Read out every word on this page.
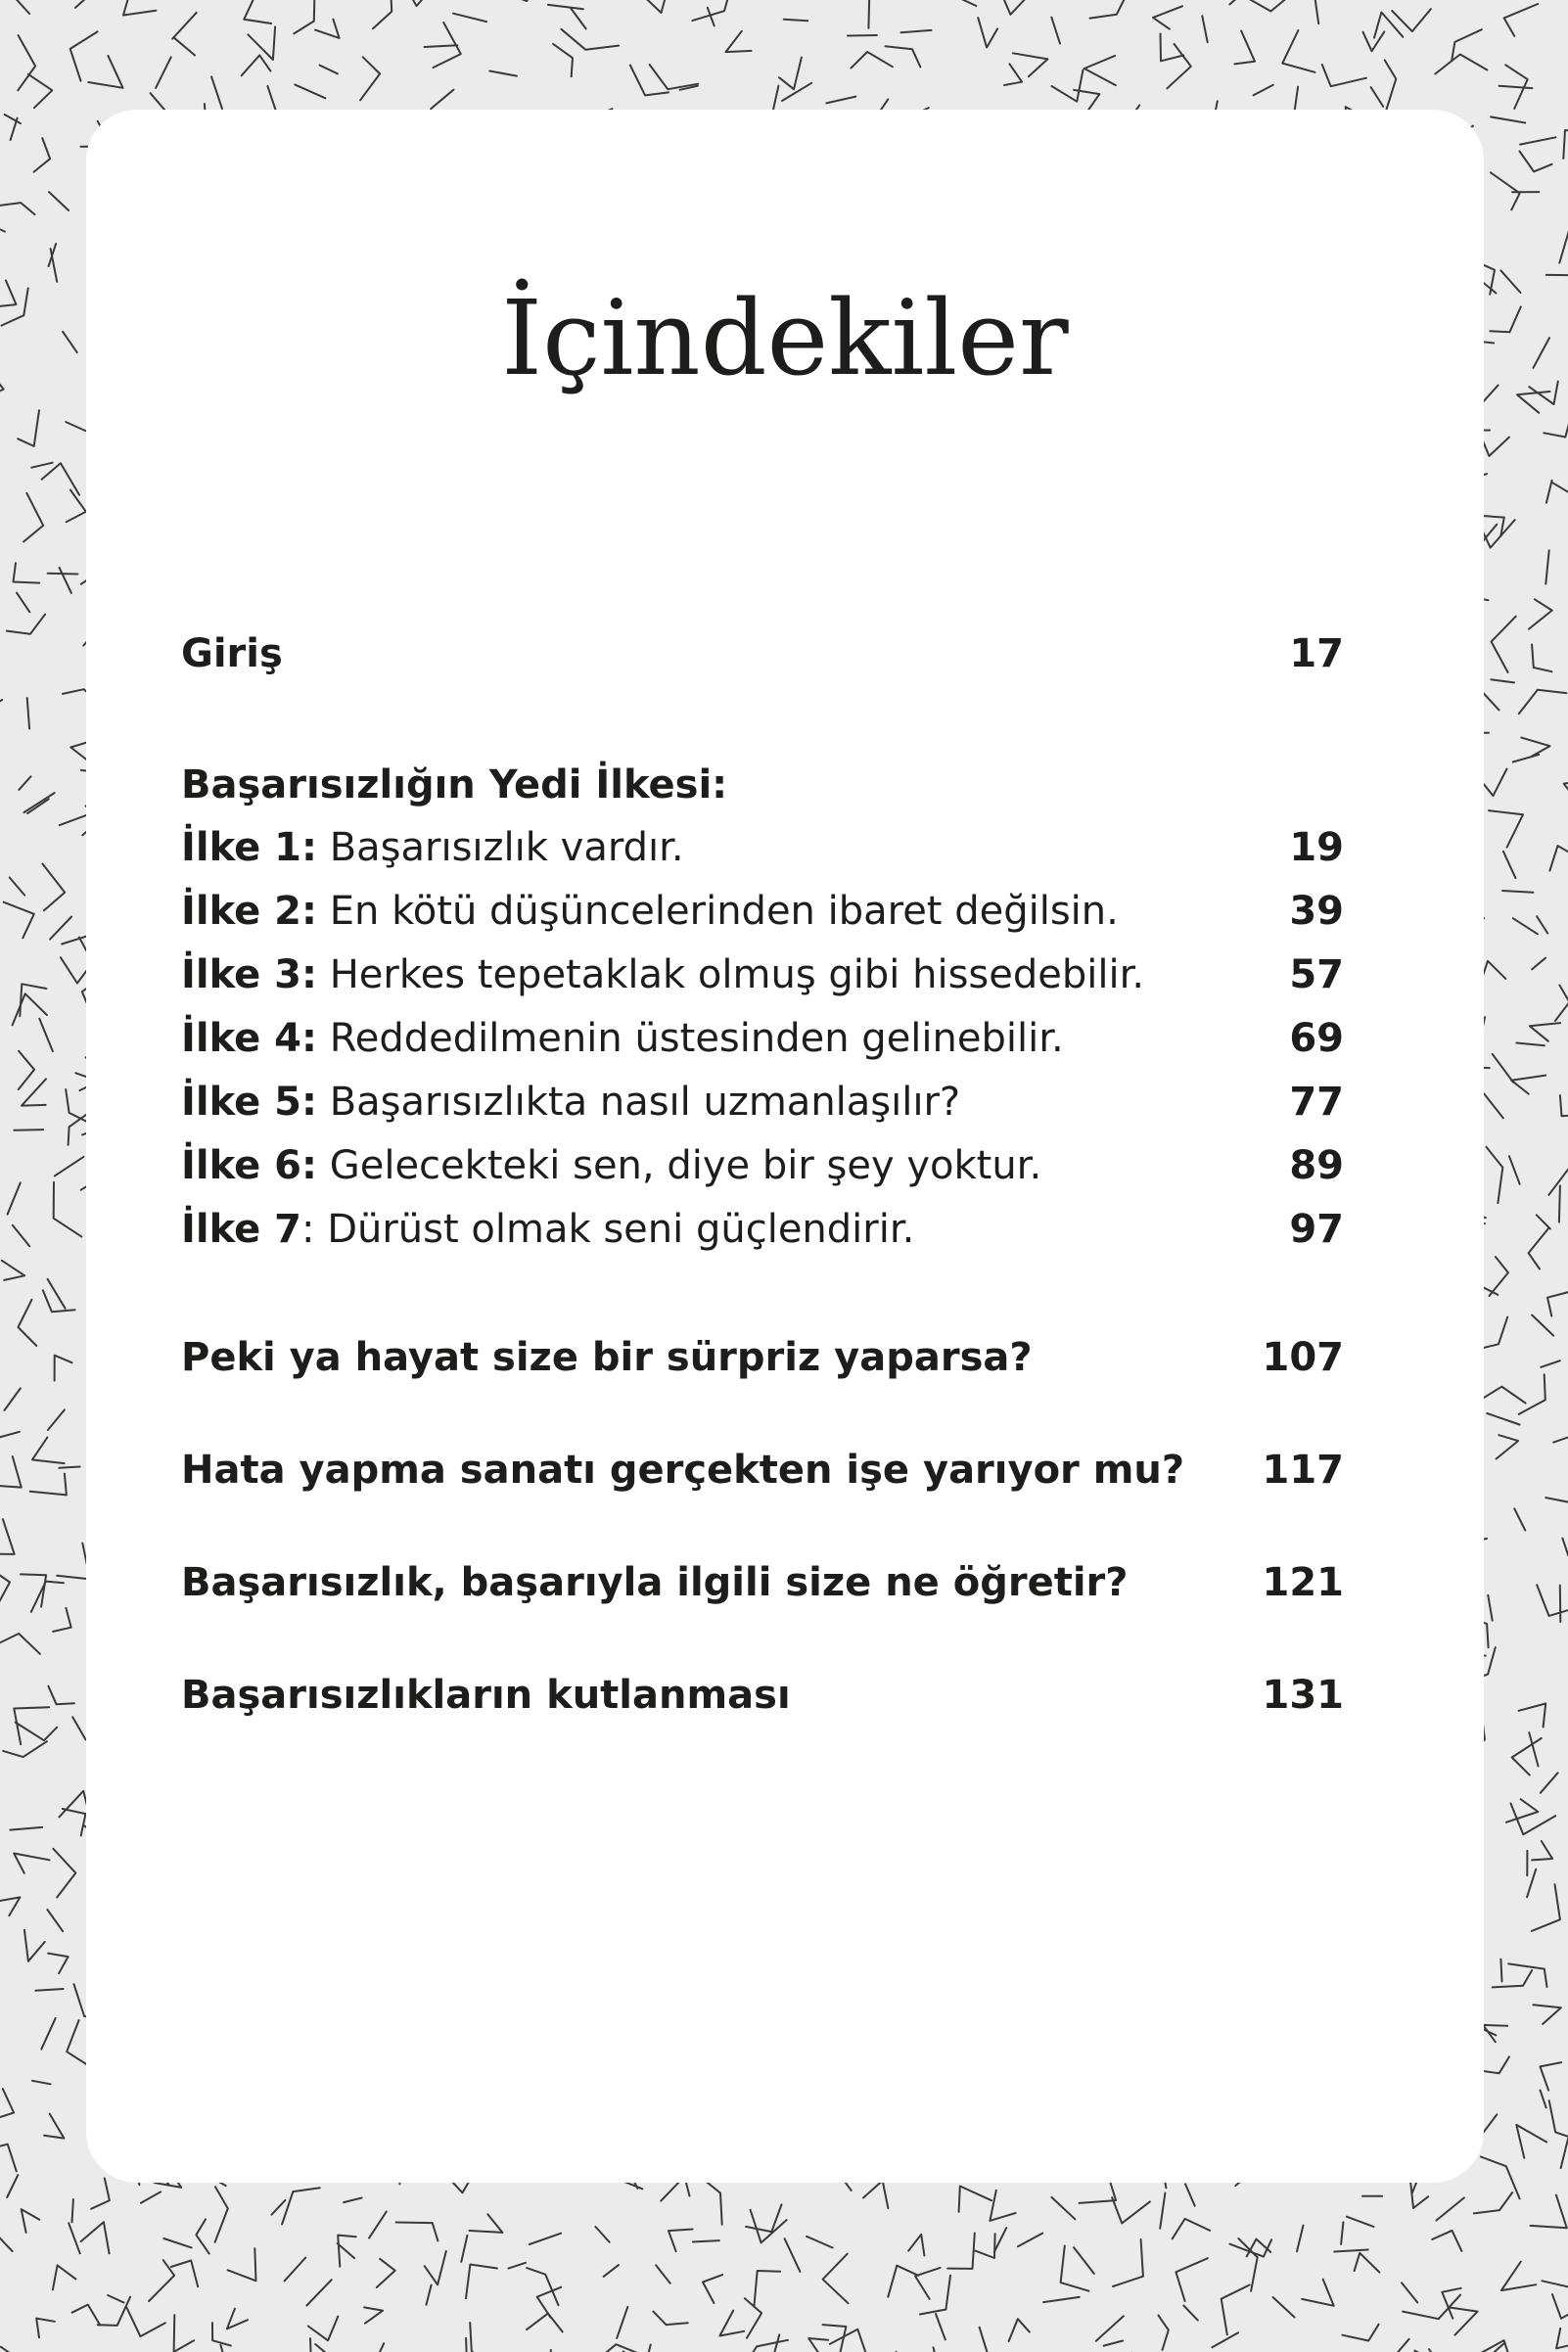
İçindekiler
Giriş	17
Başarısızlığın Yedi İlkesi:
İlke 1: Başarısızlık vardır.	19
İlke 2: En kötü düşüncelerinden ibaret değilsin.	39
İlke 3: Herkes tepetaklak olmuş gibi hissedebilir.	57
İlke 4: Reddedilmenin üstesinden gelinebilir.	69
İlke 5: Başarısızlıkta nasıl uzmanlaşılır?	77
İlke 6: Gelecekteki sen, diye bir şey yoktur.	89
İlke 7: Dürüst olmak seni güçlendirir.	97
Peki ya hayat size bir sürpriz yaparsa?	107
Hata yapma sanatı gerçekten işe yarıyor mu? 117
Başarısızlık, başarıyla ilgili size ne öğretir?	121
Başarısızlıkların kutlanması	131
